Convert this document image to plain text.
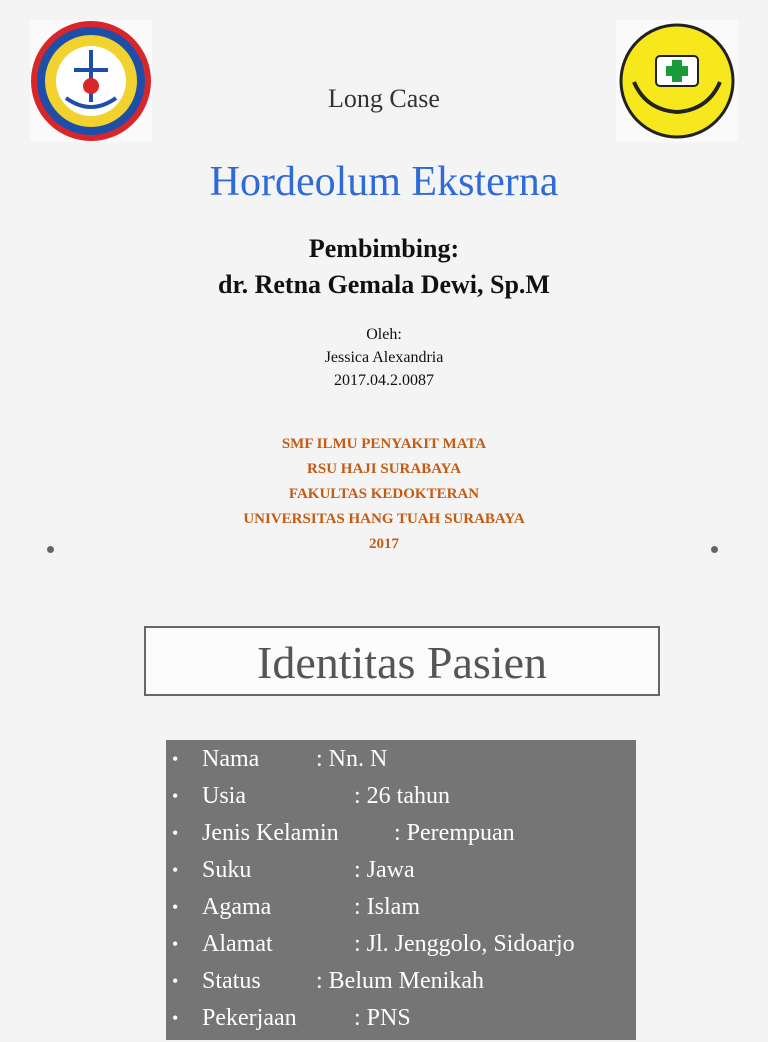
Long Case
Hordeolum Eksterna
Pembimbing:
dr. Retna Gemala Dewi, Sp.M
Oleh:
Jessica Alexandria
2017.04.2.0087
SMF ILMU PENYAKIT MATA
RSU HAJI SURABAYA
FAKULTAS KEDOKTERAN
UNIVERSITAS HANG TUAH SURABAYA
2017
Identitas Pasien
• Nama : Nn. N
• Usia	: 26 tahun
• Jenis Kelamin : Perempuan
• Suku	: Jawa
• Agama	: Islam
• Alamat	: Jl. Jenggolo, Sidoarjo
• Status : Belum Menikah
• Pekerjaan : PNS
